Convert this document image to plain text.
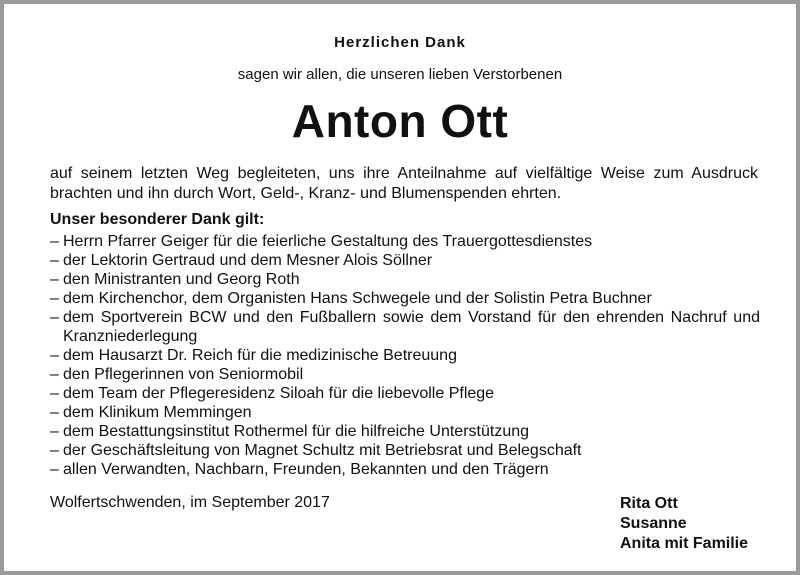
Herzlichen Dank
sagen wir allen, die unseren lieben Verstorbenen
Anton Ott
auf seinem letzten Weg begleiteten, uns ihre Anteilnahme auf vielfältige Weise zum Ausdruck brachten und ihn durch Wort, Geld-, Kranz- und Blumenspenden ehrten.
Unser besonderer Dank gilt:
– Herrn Pfarrer Geiger für die feierliche Gestaltung des Trauergottesdienstes
– der Lektorin Gertraud und dem Mesner Alois Söllner
– den Ministranten und Georg Roth
– dem Kirchenchor, dem Organisten Hans Schwegele und der Solistin Petra Buchner
– dem Sportverein BCW und den Fußballern sowie dem Vorstand für den ehrenden Nachruf und Kranzniederlegung
– dem Hausarzt Dr. Reich für die medizinische Betreuung
– den Pflegerinnen von Seniormobil
– dem Team der Pflegeresidenz Siloah für die liebevolle Pflege
– dem Klinikum Memmingen
– dem Bestattungsinstitut Rothermel für die hilfreiche Unterstützung
– der Geschäftsleitung von Magnet Schultz mit Betriebsrat und Belegschaft
– allen Verwandten, Nachbarn, Freunden, Bekannten und den Trägern
Wolfertschwenden, im September 2017	Rita Ott
Susanne
Anita mit Familie
